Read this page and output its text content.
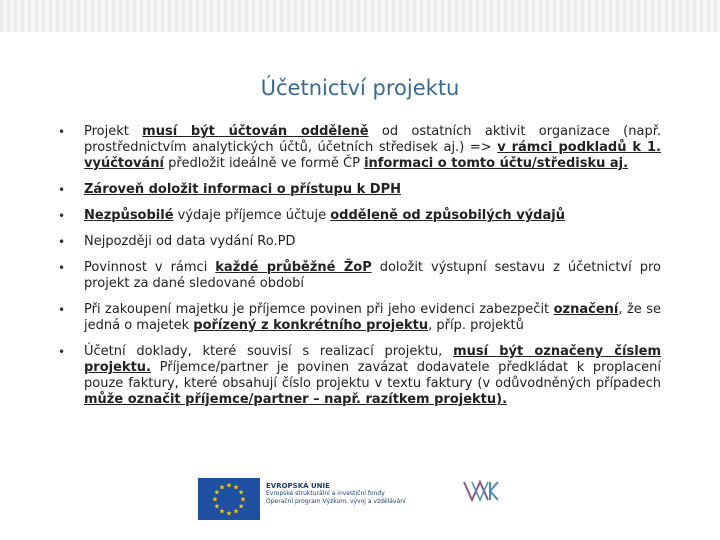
Účetnictví projektu
• Projekt musí být účtován odděleně od ostatních aktivit organizace (např. prostřednictvím analytických účtů, účetních středisek aj.) => v rámci podkladů k 1. vyúčtování předložit ideálně ve formě ČP informaci o tomto účtu/středisku aj.
• Zároveň doložit informaci o přístupu k DPH
• Nezpůsobilé výdaje příjemce účtuje odděleně od způsobilých výdajů
• Nejpozději od data vydání Ro.PD
• Povinnost v rámci každé průběžné ŽoP doložit výstupní sestavu z účetnictví pro projekt za dané sledované období
• Při zakoupení majetku je příjemce povinen při jeho evidenci zabezpečit označení, že se jedná o majetek pořízený z konkrétního projektu, příp. projektů
• Účetní doklady, které souvisí s realizací projektu, musí být označeny číslem projektu. Příjemce/partner je povinen zavázat dodavatele předkládat k proplacení pouze faktury, které obsahují číslo projektu v textu faktury (v odůvodněných případech může označit příjemce/partner – např. razítkem projektu).
★ ★
★
★
★
★
★
★
★
★
★
★	EVROPSKÁ UNIE
Evropské strukturální a investiční fondy
Operační program Výzkum, vývoj a vzdělávání
